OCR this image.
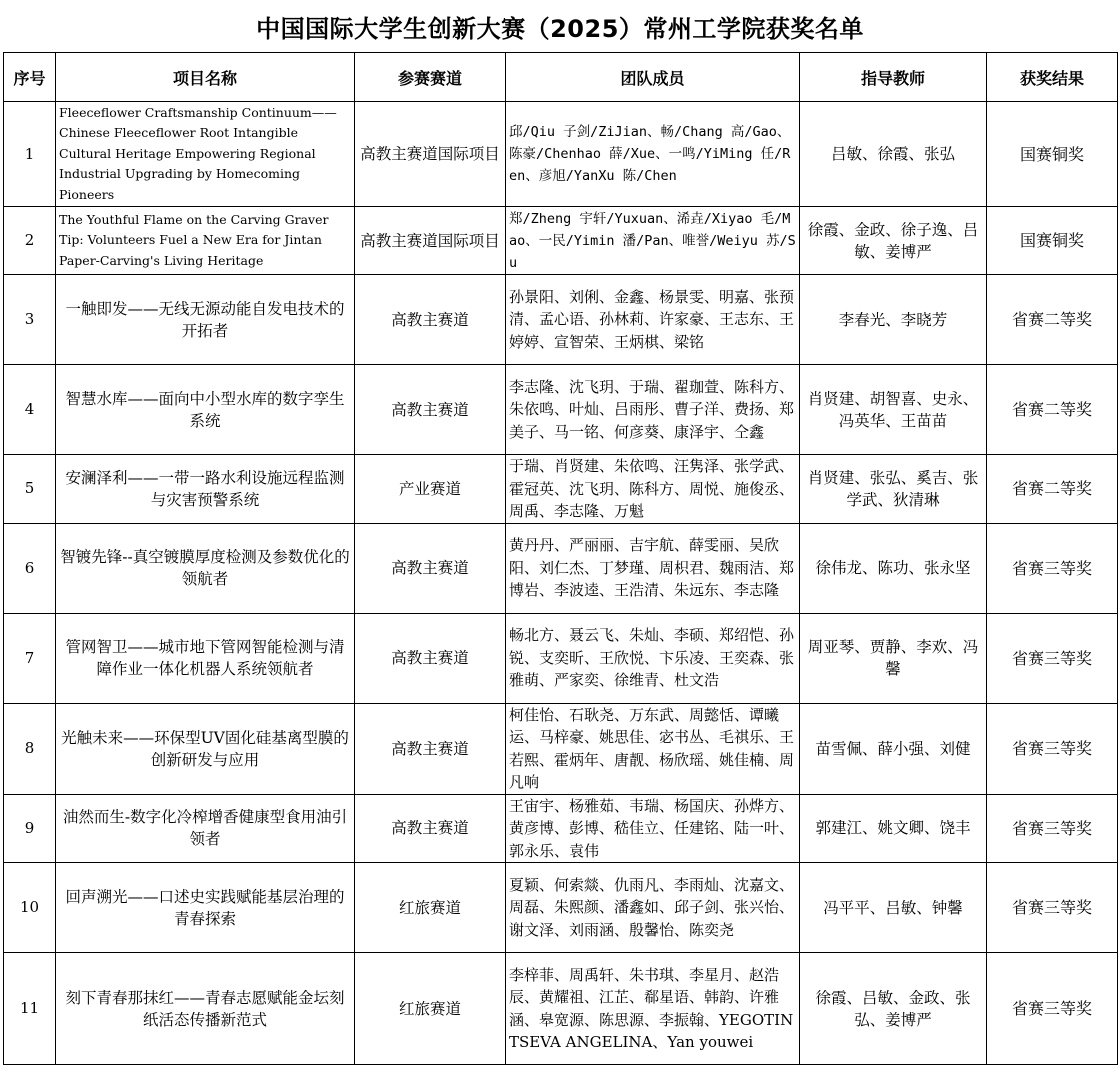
中国国际大学生创新大赛（2025）常州工学院获奖名单
序号	项目名称	参赛赛道	团队成员	指导教师	获奖结果
1	Fleeceflower Craftsmanship Continuum——Chinese Fleeceflower Root Intangible Cultural Heritage Empowering Regional Industrial Upgrading by Homecoming Pioneers	高教主赛道国际项目	邱/Qiu 子剑/ZiJian、畅/Chang 高/Gao、陈豪/Chenhao 薛/Xue、一鸣/YiMing 任/Ren、彦旭/YanXu 陈/Chen	吕敏、徐霞、张弘	国赛铜奖
2	The Youthful Flame on the Carving Graver Tip: Volunteers Fuel a New Era for Jintan Paper-Carving's Living Heritage	高教主赛道国际项目	郑/Zheng 宇轩/Yuxuan、浠垚/Xiyao 毛/Mao、一民/Yimin 潘/Pan、唯誉/Weiyu 苏/Su	徐霞、金政、徐子逸、吕敏、姜博严	国赛铜奖
3	一触即发——无线无源动能自发电技术的开拓者	高教主赛道	孙景阳、刘俐、金鑫、杨景雯、明嘉、张预清、孟心语、孙林莉、许家豪、王志东、王婷婷、宣智荣、王炳棋、梁铭	李春光、李晓芳	省赛二等奖
4	智慧水库——面向中小型水库的数字孪生系统	高教主赛道	李志隆、沈飞玥、于瑞、翟珈萱、陈科方、朱依鸣、叶灿、吕雨彤、曹子洋、费扬、郑美子、马一铭、何彦葵、康泽宇、仝鑫	肖贤建、胡智喜、史永、冯英华、王苗苗	省赛二等奖
5	安澜泽利——一带一路水利设施远程监测与灾害预警系统	产业赛道	于瑞、肖贤建、朱依鸣、汪隽泽、张学武、霍冠英、沈飞玥、陈科方、周悦、施俊丞、周禹、李志隆、万魁	肖贤建、张弘、奚吉、张学武、狄清琳	省赛二等奖
6	智镀先锋--真空镀膜厚度检测及参数优化的领航者	高教主赛道	黄丹丹、严丽丽、吉宇航、薛雯丽、吴欣阳、刘仁杰、丁梦瑾、周枳君、魏雨洁、郑博岩、李波逵、王浩清、朱远东、李志隆	徐伟龙、陈功、张永坚	省赛三等奖
7	管网智卫——城市地下管网智能检测与清障作业一体化机器人系统领航者	高教主赛道	畅北方、聂云飞、朱灿、李硕、郑绍恺、孙锐、支奕昕、王欣悦、卞乐凌、王奕森、张雅萌、严家奕、徐维青、杜文浩	周亚琴、贾静、李欢、冯馨	省赛三等奖
8	光触未来——环保型UV固化硅基离型膜的创新研发与应用	高教主赛道	柯佳怡、石耿尧、万东武、周懿恬、谭曦运、马梓豪、姚思佳、宓书丛、毛祺乐、王若熙、霍炳年、唐靓、杨欣瑶、姚佳楠、周凡响	苗雪佩、薛小强、刘健	省赛三等奖
9	油然而生-数字化冷榨增香健康型食用油引领者	高教主赛道	王宙宇、杨雅茹、韦瑞、杨国庆、孙烨方、黄彦博、彭博、嵇佳立、任建铭、陆一叶、郭永乐、袁伟	郭建江、姚文卿、饶丰	省赛三等奖
10	回声溯光——口述史实践赋能基层治理的青春探索	红旅赛道	夏颖、何索燚、仇雨凡、李雨灿、沈嘉文、周磊、朱熙颜、潘鑫如、邱子剑、张兴怡、谢文泽、刘雨涵、殷馨怡、陈奕尧	冯平平、吕敏、钟馨	省赛三等奖
11	刻下青春那抹红——青春志愿赋能金坛刻纸活态传播新范式	红旅赛道	李梓菲、周禹轩、朱书琪、李星月、赵浩辰、黄耀祖、江芷、郗星语、韩韵、许雅涵、皋宽源、陈思源、李振翰、YEGOTINTSEVA ANGELINA、Yan youwei	徐霞、吕敏、金政、张弘、姜博严	省赛三等奖
